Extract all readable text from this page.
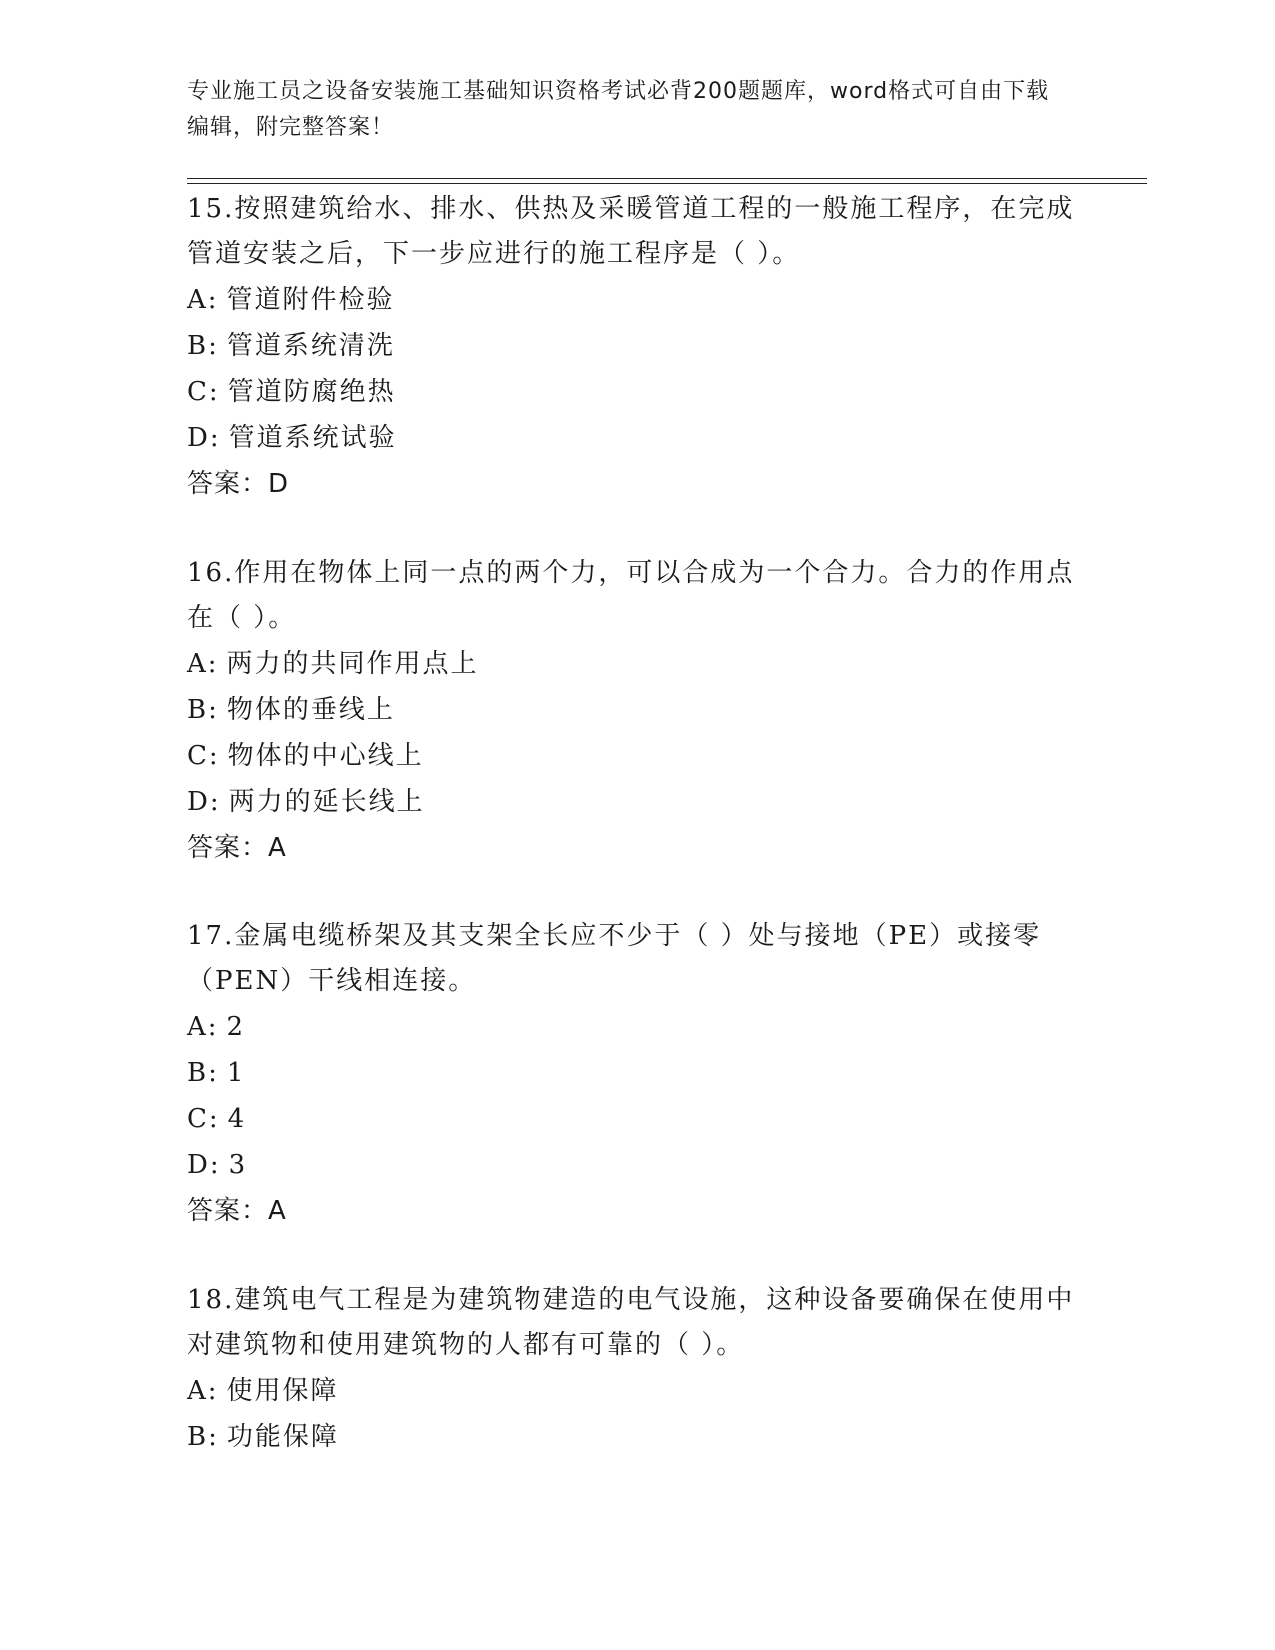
专业施工员之设备安装施工基础知识资格考试必背200题题库，word格式可自由下载编辑，附完整答案！
15.按照建筑给水、排水、供热及采暖管道工程的一般施工程序，在完成管道安装之后，下一步应进行的施工程序是（ ）。
A: 管道附件检验
B: 管道系统清洗
C: 管道防腐绝热
D: 管道系统试验
答案：D
16.作用在物体上同一点的两个力，可以合成为一个合力。合力的作用点在（ ）。
A: 两力的共同作用点上
B: 物体的垂线上
C: 物体的中心线上
D: 两力的延长线上
答案：A
17.金属电缆桥架及其支架全长应不少于（ ）处与接地（PE）或接零（PEN）干线相连接。
A: 2
B: 1
C: 4
D: 3
答案：A
18.建筑电气工程是为建筑物建造的电气设施，这种设备要确保在使用中对建筑物和使用建筑物的人都有可靠的（ ）。
A: 使用保障
B: 功能保障
